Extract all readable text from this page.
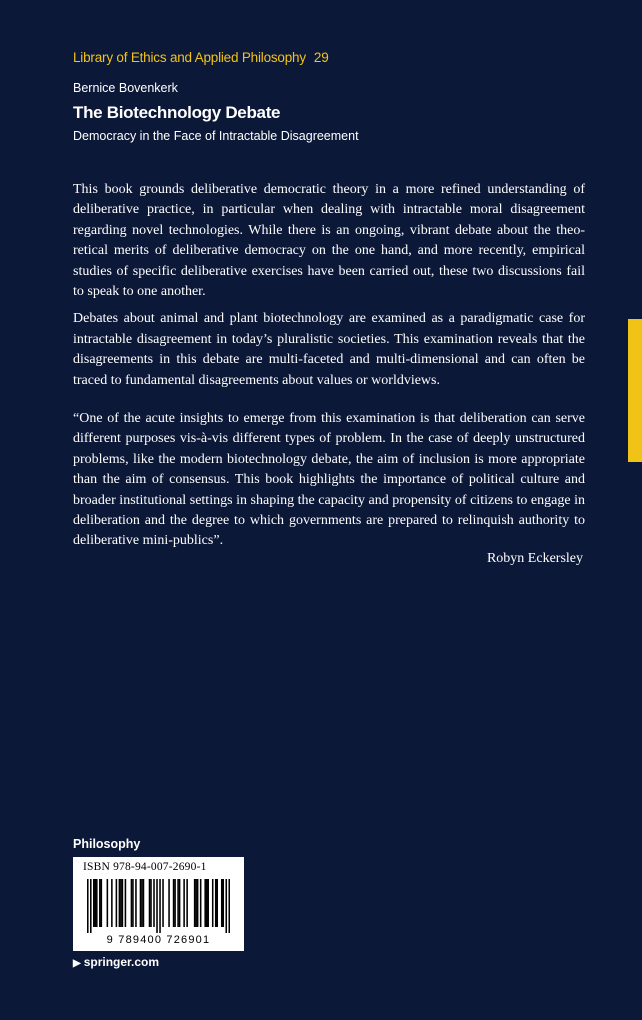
Library of Ethics and Applied Philosophy 29
Bernice Bovenkerk
The Biotechnology Debate
Democracy in the Face of Intractable Disagreement

This book grounds deliberative democratic theory in a more refined understanding of deliberative practice, in particular when dealing with intractable moral disagreement regarding novel technologies. While there is an ongoing, vibrant debate about the theoretical merits of deliberative democracy on the one hand, and more recently, empirical studies of specific deliberative exercises have been carried out, these two discussions fail to speak to one another.

Debates about animal and plant biotechnology are examined as a paradigmatic case for intractable disagreement in today’s pluralistic societies. This examination reveals that the disagreements in this debate are multi-faceted and multi-dimensional and can often be traced to fundamental disagreements about values or worldviews.

“One of the acute insights to emerge from this examination is that deliberation can serve different purposes vis-à-vis different types of problem. In the case of deeply unstructured problems, like the modern biotechnology debate, the aim of inclusion is more appropriate than the aim of consensus. This book highlights the importance of political culture and broader institutional settings in shaping the capacity and propensity of citizens to engage in deliberation and the degree to which governments are prepared to relinquish authority to deliberative mini-publics”.

Robyn Eckersley
Philosophy
ISBN 978-94-007-2690-1
9 789400 726901
▶ springer.com
